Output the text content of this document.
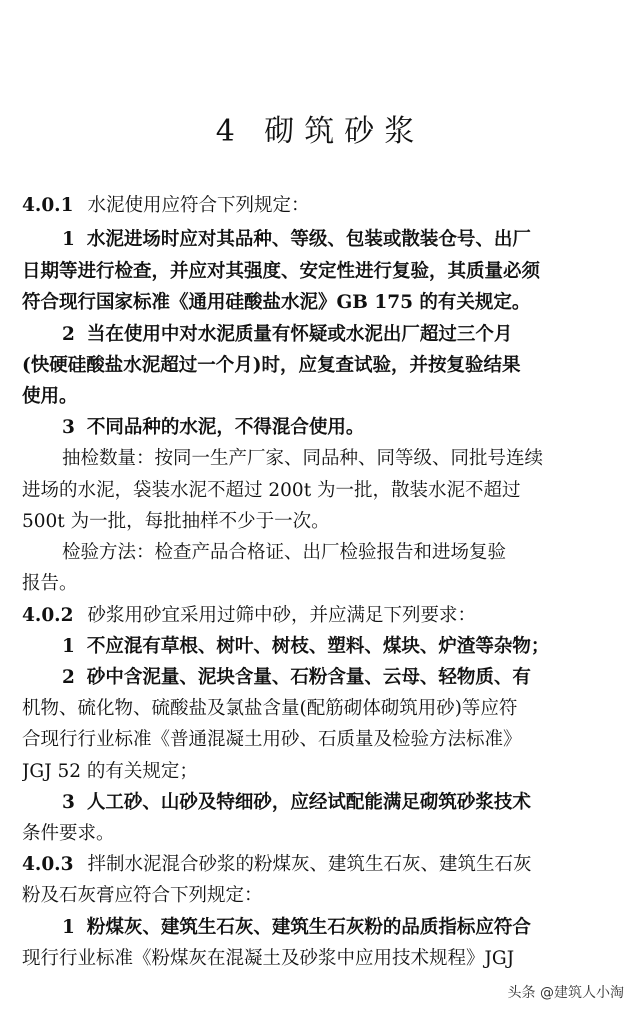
4 砌筑砂浆
4.0.1 水泥使用应符合下列规定：
1 水泥进场时应对其品种、等级、包装或散装仓号、出厂
日期等进行检查，并应对其强度、安定性进行复验，其质量必须
符合现行国家标准《通用硅酸盐水泥》GB 175 的有关规定。
2 当在使用中对水泥质量有怀疑或水泥出厂超过三个月
(快硬硅酸盐水泥超过一个月)时，应复查试验，并按复验结果
使用。
3 不同品种的水泥，不得混合使用。
抽检数量：按同一生产厂家、同品种、同等级、同批号连续
进场的水泥，袋装水泥不超过 200t 为一批，散装水泥不超过
500t 为一批，每批抽样不少于一次。
检验方法：检查产品合格证、出厂检验报告和进场复验
报告。
4.0.2 砂浆用砂宜采用过筛中砂，并应满足下列要求：
1 不应混有草根、树叶、树枝、塑料、煤块、炉渣等杂物；
2 砂中含泥量、泥块含量、石粉含量、云母、轻物质、有
机物、硫化物、硫酸盐及氯盐含量(配筋砌体砌筑用砂)等应符
合现行行业标准《普通混凝土用砂、石质量及检验方法标准》
JGJ 52 的有关规定；
3 人工砂、山砂及特细砂，应经试配能满足砌筑砂浆技术
条件要求。
4.0.3 拌制水泥混合砂浆的粉煤灰、建筑生石灰、建筑生石灰
粉及石灰膏应符合下列规定：
1 粉煤灰、建筑生石灰、建筑生石灰粉的品质指标应符合
现行行业标准《粉煤灰在混凝土及砂浆中应用技术规程》JGJ
头条 @建筑人小淘
